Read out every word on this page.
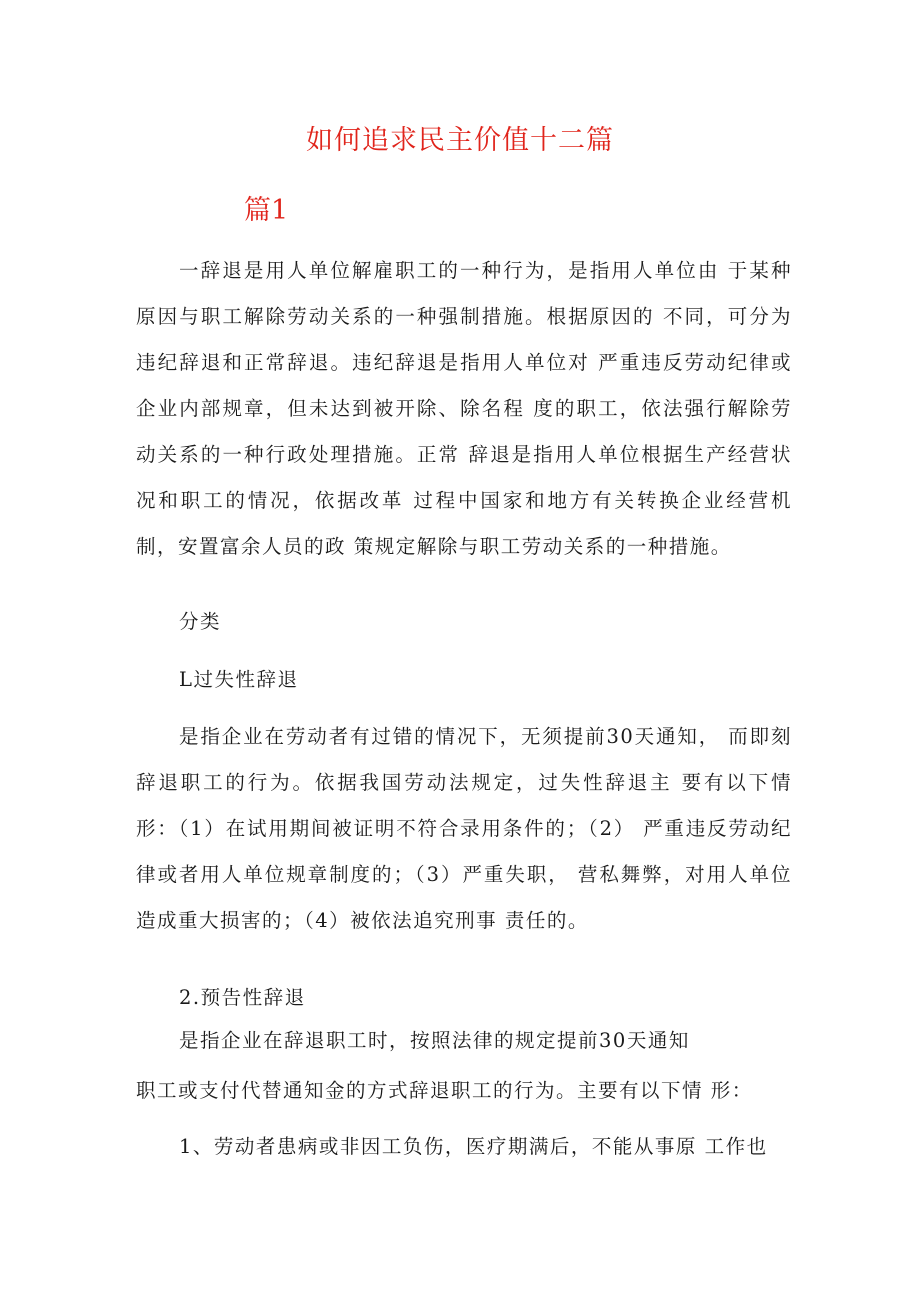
如何追求民主价值十二篇
篇1

一辞退是用人单位解雇职工的一种行为，是指用人单位由 于某种原因与职工解除劳动关系的一种强制措施。根据原因的 不同，可分为违纪辞退和正常辞退。违纪辞退是指用人单位对 严重违反劳动纪律或企业内部规章，但未达到被开除、除名程 度的职工，依法强行解除劳动关系的一种行政处理措施。正常 辞退是指用人单位根据生产经营状况和职工的情况，依据改革 过程中国家和地方有关转换企业经营机制，安置富余人员的政 策规定解除与职工劳动关系的一种措施。

分类

L过失性辞退

是指企业在劳动者有过错的情况下，无须提前30天通知， 而即刻辞退职工的行为。依据我国劳动法规定，过失性辞退主 要有以下情形：（1）在试用期间被证明不符合录用条件的；（2） 严重违反劳动纪律或者用人单位规章制度的；（3）严重失职， 营私舞弊，对用人单位造成重大损害的；（4）被依法追究刑事 责任的。

2.预告性辞退

是指企业在辞退职工时，按照法律的规定提前30天通知

职工或支付代替通知金的方式辞退职工的行为。主要有以下情 形：

1、劳动者患病或非因工负伤，医疗期满后，不能从事原 工作也
